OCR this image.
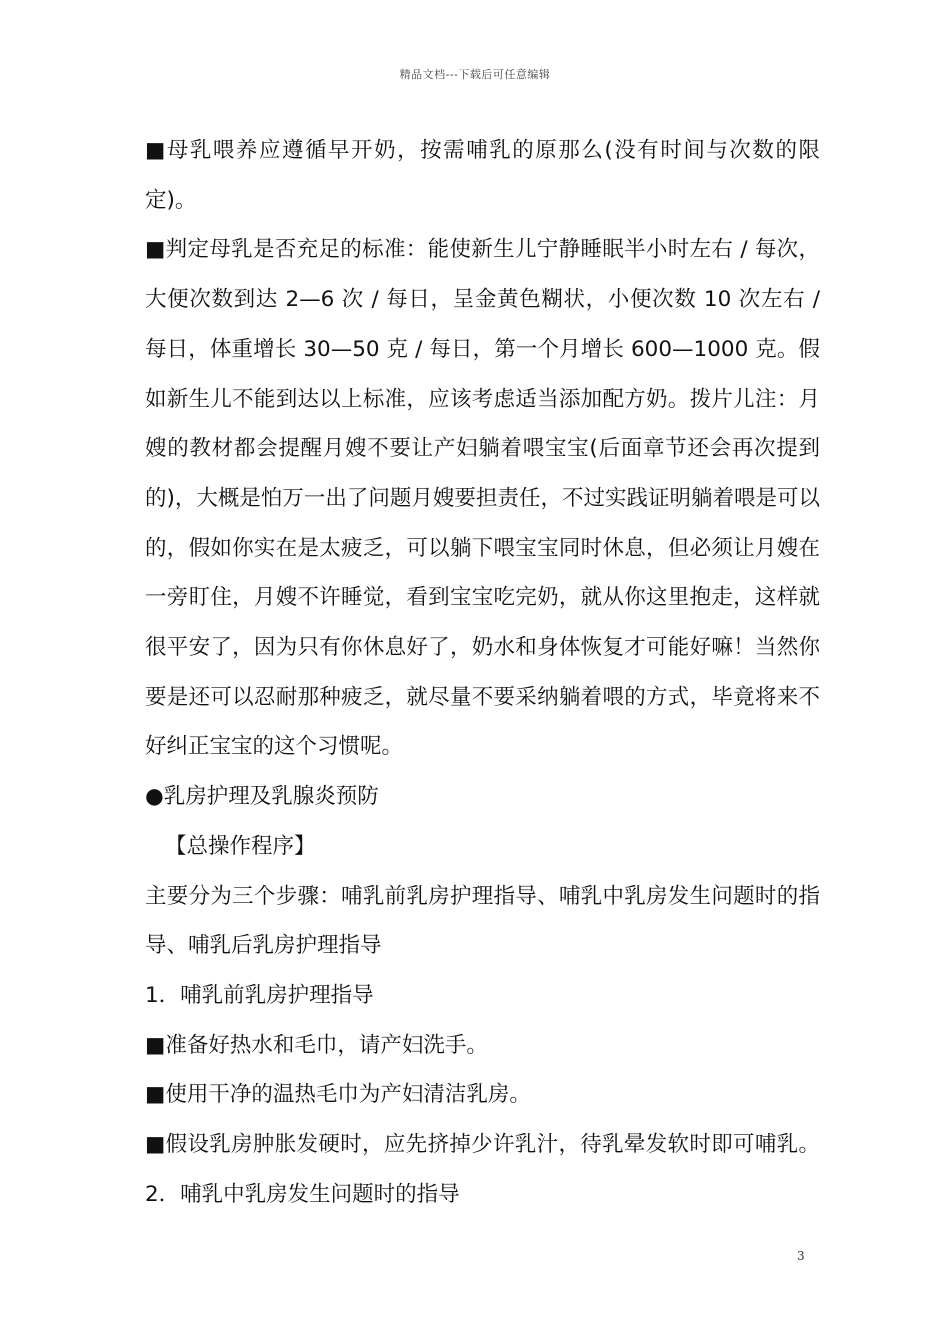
精品文档---下载后可任意编辑

■母乳喂养应遵循早开奶，按需哺乳的原那么(没有时间与次数的限定)。

■判定母乳是否充足的标准：能使新生儿宁静睡眠半小时左右 / 每次，大便次数到达 2—6 次 / 每日，呈金黄色糊状，小便次数 10 次左右 / 每日，体重增长 30—50 克 / 每日，第一个月增长 600—1000 克。假如新生儿不能到达以上标准，应该考虑适当添加配方奶。拨片儿注：月嫂的教材都会提醒月嫂不要让产妇躺着喂宝宝(后面章节还会再次提到的)，大概是怕万一出了问题月嫂要担责任，不过实践证明躺着喂是可以的，假如你实在是太疲乏，可以躺下喂宝宝同时休息，但必须让月嫂在一旁盯住，月嫂不许睡觉，看到宝宝吃完奶，就从你这里抱走，这样就很平安了，因为只有你休息好了，奶水和身体恢复才可能好嘛！当然你要是还可以忍耐那种疲乏，就尽量不要采纳躺着喂的方式，毕竟将来不好纠正宝宝的这个习惯呢。

●乳房护理及乳腺炎预防

【总操作程序】

主要分为三个步骤：哺乳前乳房护理指导、哺乳中乳房发生问题时的指导、哺乳后乳房护理指导

1．哺乳前乳房护理指导

■准备好热水和毛巾，请产妇洗手。

■使用干净的温热毛巾为产妇清洁乳房。

■假设乳房肿胀发硬时，应先挤掉少许乳汁，待乳晕发软时即可哺乳。2．哺乳中乳房发生问题时的指导

3
